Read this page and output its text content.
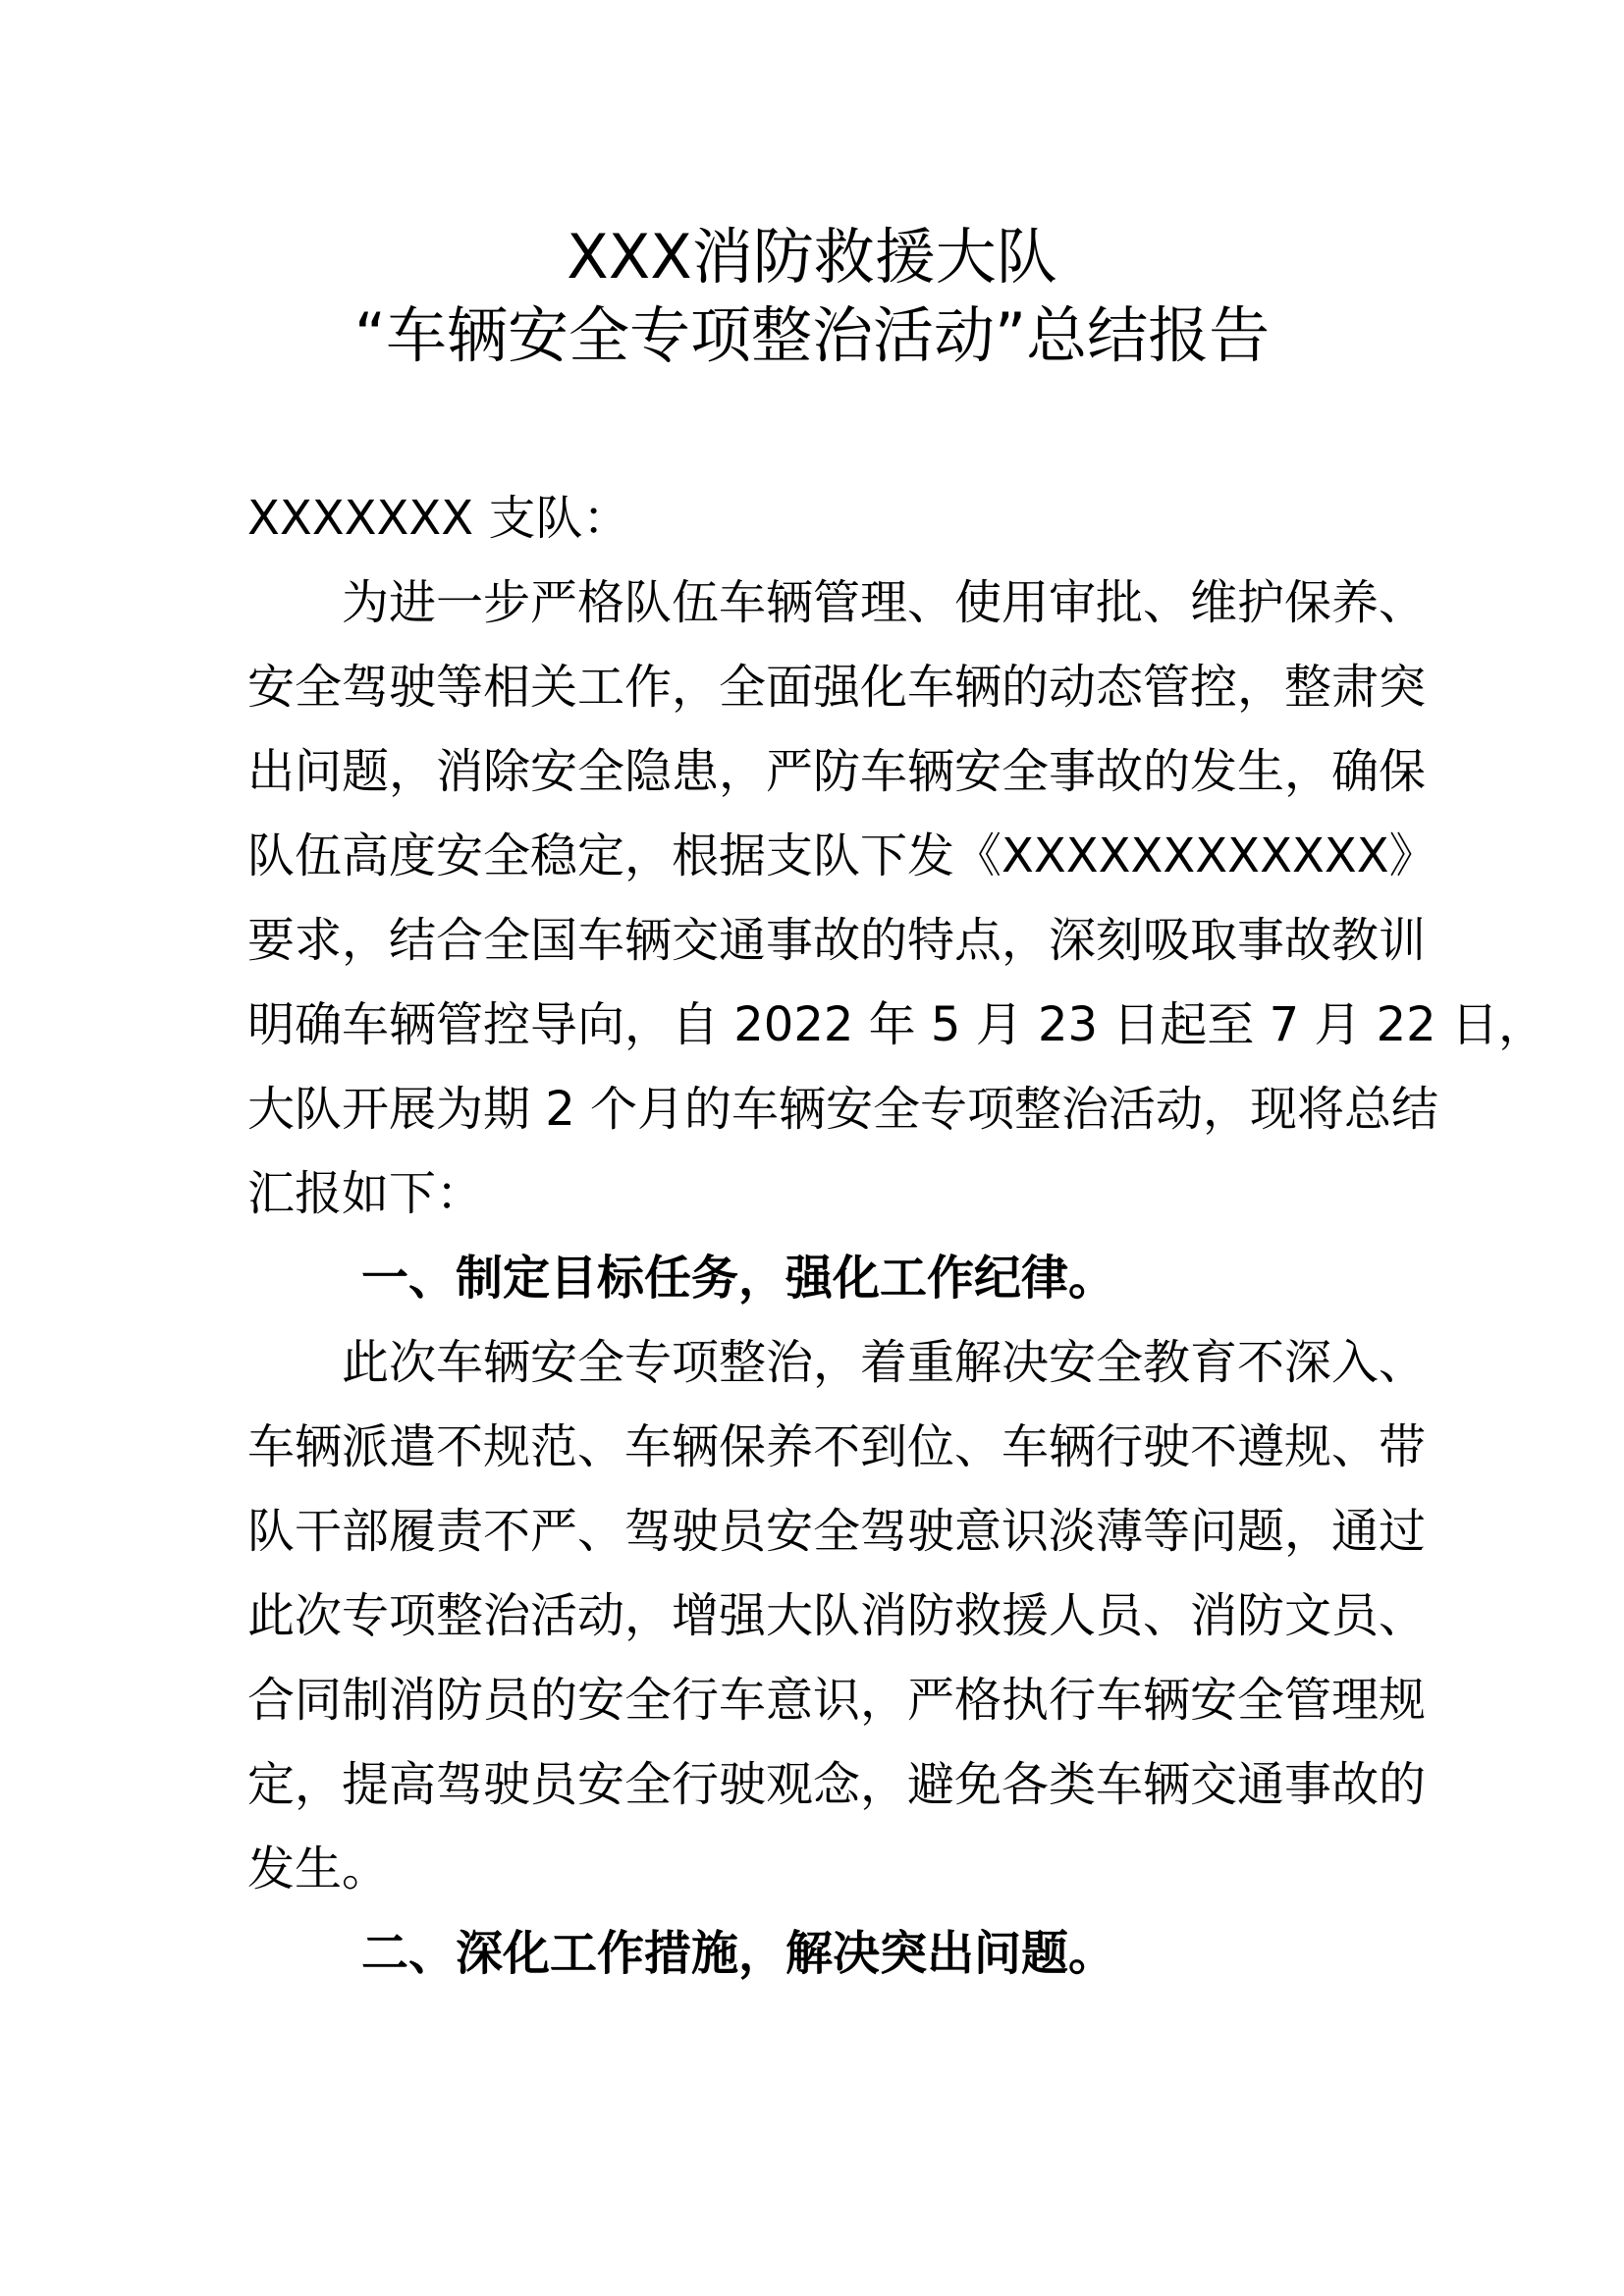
XXX消防救援大队
“车辆安全专项整治活动”总结报告
XXXXXXX 支队：
为进一步严格队伍车辆管理、使用审批、维护保养、
安全驾驶等相关工作，全面强化车辆的动态管控，整肃突
出问题，消除安全隐患，严防车辆安全事故的发生，确保
队伍高度安全稳定，根据支队下发《XXXXXXXXXXXX》
要求，结合全国车辆交通事故的特点，深刻吸取事故教训
明确车辆管控导向，自 2022 年 5 月 23 日起至 7 月 22 日，
大队开展为期 2 个月的车辆安全专项整治活动，现将总结
汇报如下：
一、制定目标任务，强化工作纪律。
此次车辆安全专项整治，着重解决安全教育不深入、
车辆派遣不规范、车辆保养不到位、车辆行驶不遵规、带
队干部履责不严、驾驶员安全驾驶意识淡薄等问题，通过
此次专项整治活动，增强大队消防救援人员、消防文员、
合同制消防员的安全行车意识，严格执行车辆安全管理规
定，提高驾驶员安全行驶观念，避免各类车辆交通事故的
发生。
二、深化工作措施，解决突出问题。
